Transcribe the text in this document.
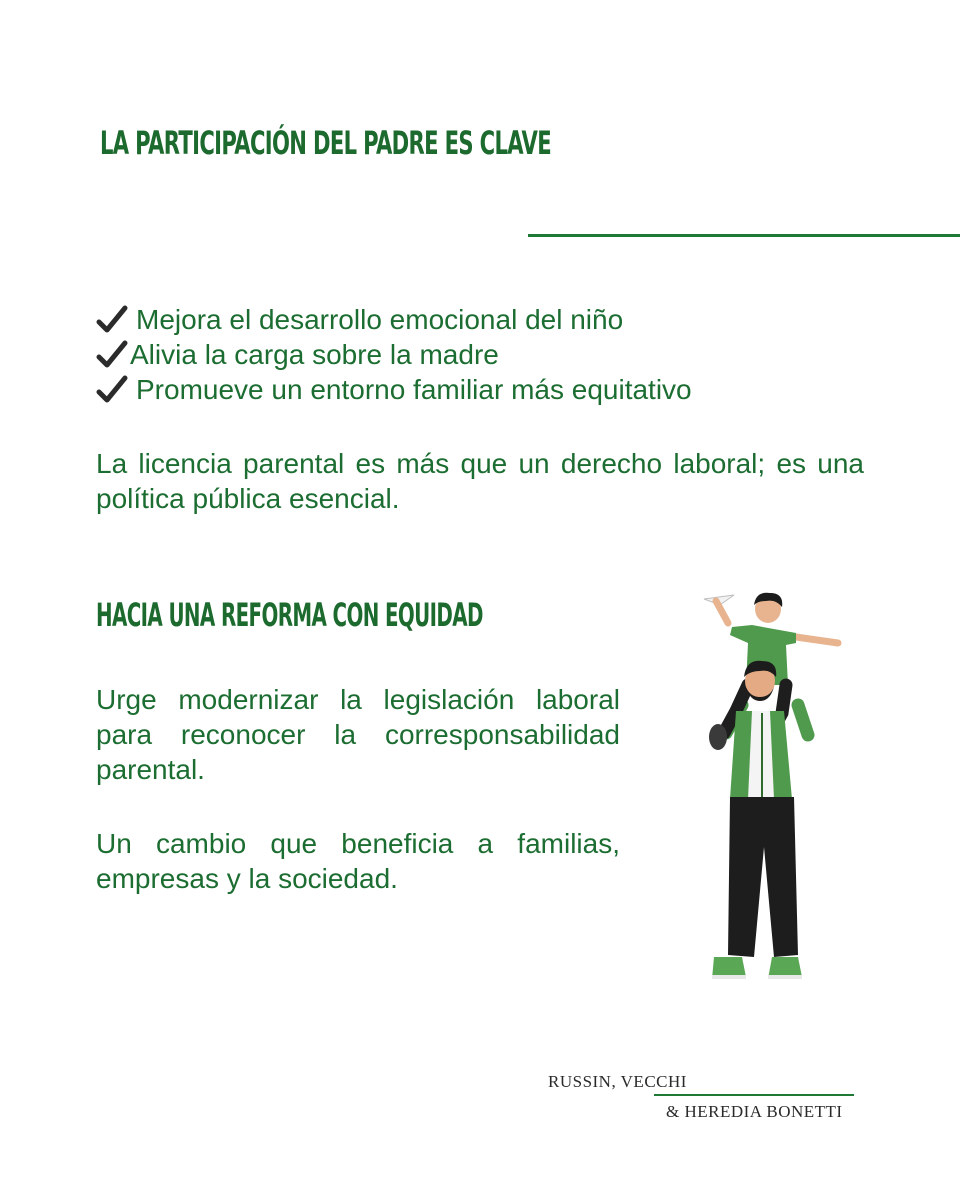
LA PARTICIPACIÓN DEL PADRE ES CLAVE
Mejora el desarrollo emocional del niño
Alivia la carga sobre la madre
Promueve un entorno familiar más equitativo

La licencia parental es más que un derecho laboral; es una política pública esencial.

HACIA UNA REFORMA CON EQUIDAD

Urge modernizar la legislación laboral para reconocer la corresponsabilidad parental.

Un cambio que beneficia a familias, empresas y la sociedad.

RUSSIN, VECCHI
& HEREDIA BONETTI
